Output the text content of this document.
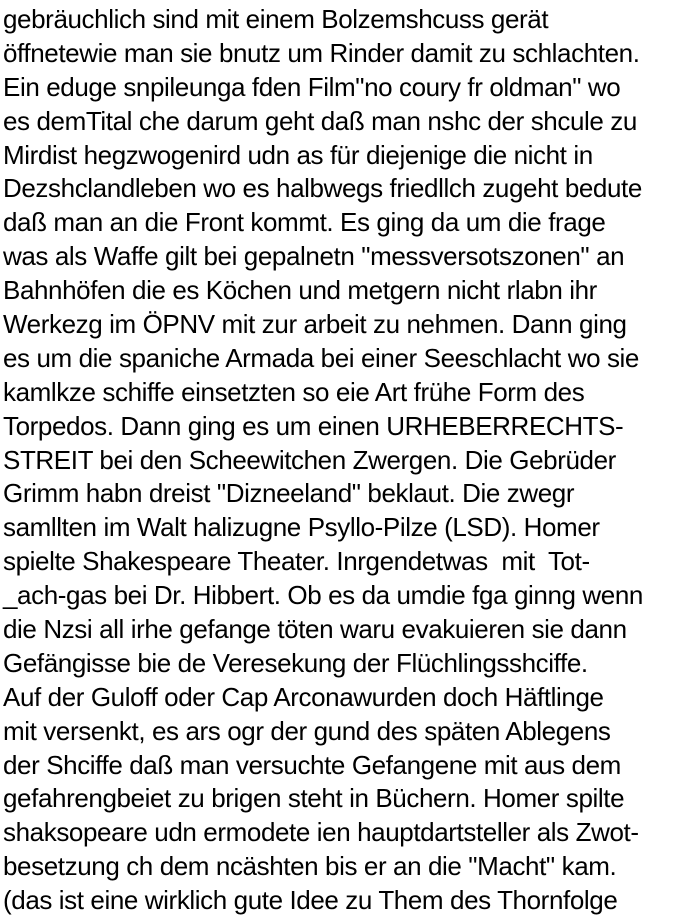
gebräuchlich sind mit einem Bolzemshcuss gerät
öffnetewie man sie bnutz um Rinder damit zu schlachten.
Ein eduge snpileunga fden Film"no coury fr oldman" wo
es demTital che darum geht daß man nshc der shcule zu
Mirdist hegzwogenird udn as für diejenige die nicht in
Dezshclandleben wo es halbwegs friedllch zugeht bedute
daß man an die Front kommt. Es ging da um die frage
was als Waffe gilt bei gepalnetn "messversotszonen" an
Bahnhöfen die es Köchen und metgern nicht rlabn ihr
Werkezg im ÖPNV mit zur arbeit zu nehmen. Dann ging
es um die spaniche Armada bei einer Seeschlacht wo sie
kamlkze schiffe einsetzten so eie Art frühe Form des
Torpedos. Dann ging es um einen URHEBERRECHTS-
STREIT bei den Scheewitchen Zwergen. Die Gebrüder
Grimm habn dreist "Dizneeland" beklaut. Die zwegr
samllten im Walt halizugne Psyllo-Pilze (LSD). Homer
spielte Shakespeare Theater. Inrgendetwas  mit  Tot-
_ach-gas bei Dr. Hibbert. Ob es da umdie fga ginng wenn
die Nzsi all irhe gefange töten waru evakuieren sie dann
Gefängisse bie de Veresekung der Flüchlingsshciffe.
Auf der Guloff oder Cap Arconawurden doch Häftlinge
mit versenkt, es ars ogr der gund des späten Ablegens
der Shciffe daß man versuchte Gefangene mit aus dem
gefahrengbeiet zu brigen steht in Büchern. Homer spilte
shaksopeare udn ermodete ien hauptdartsteller als Zwot-
besetzung ch dem ncäshten bis er an die "Macht" kam.
(das ist eine wirklich gute Idee zu Them des Thornfolge
